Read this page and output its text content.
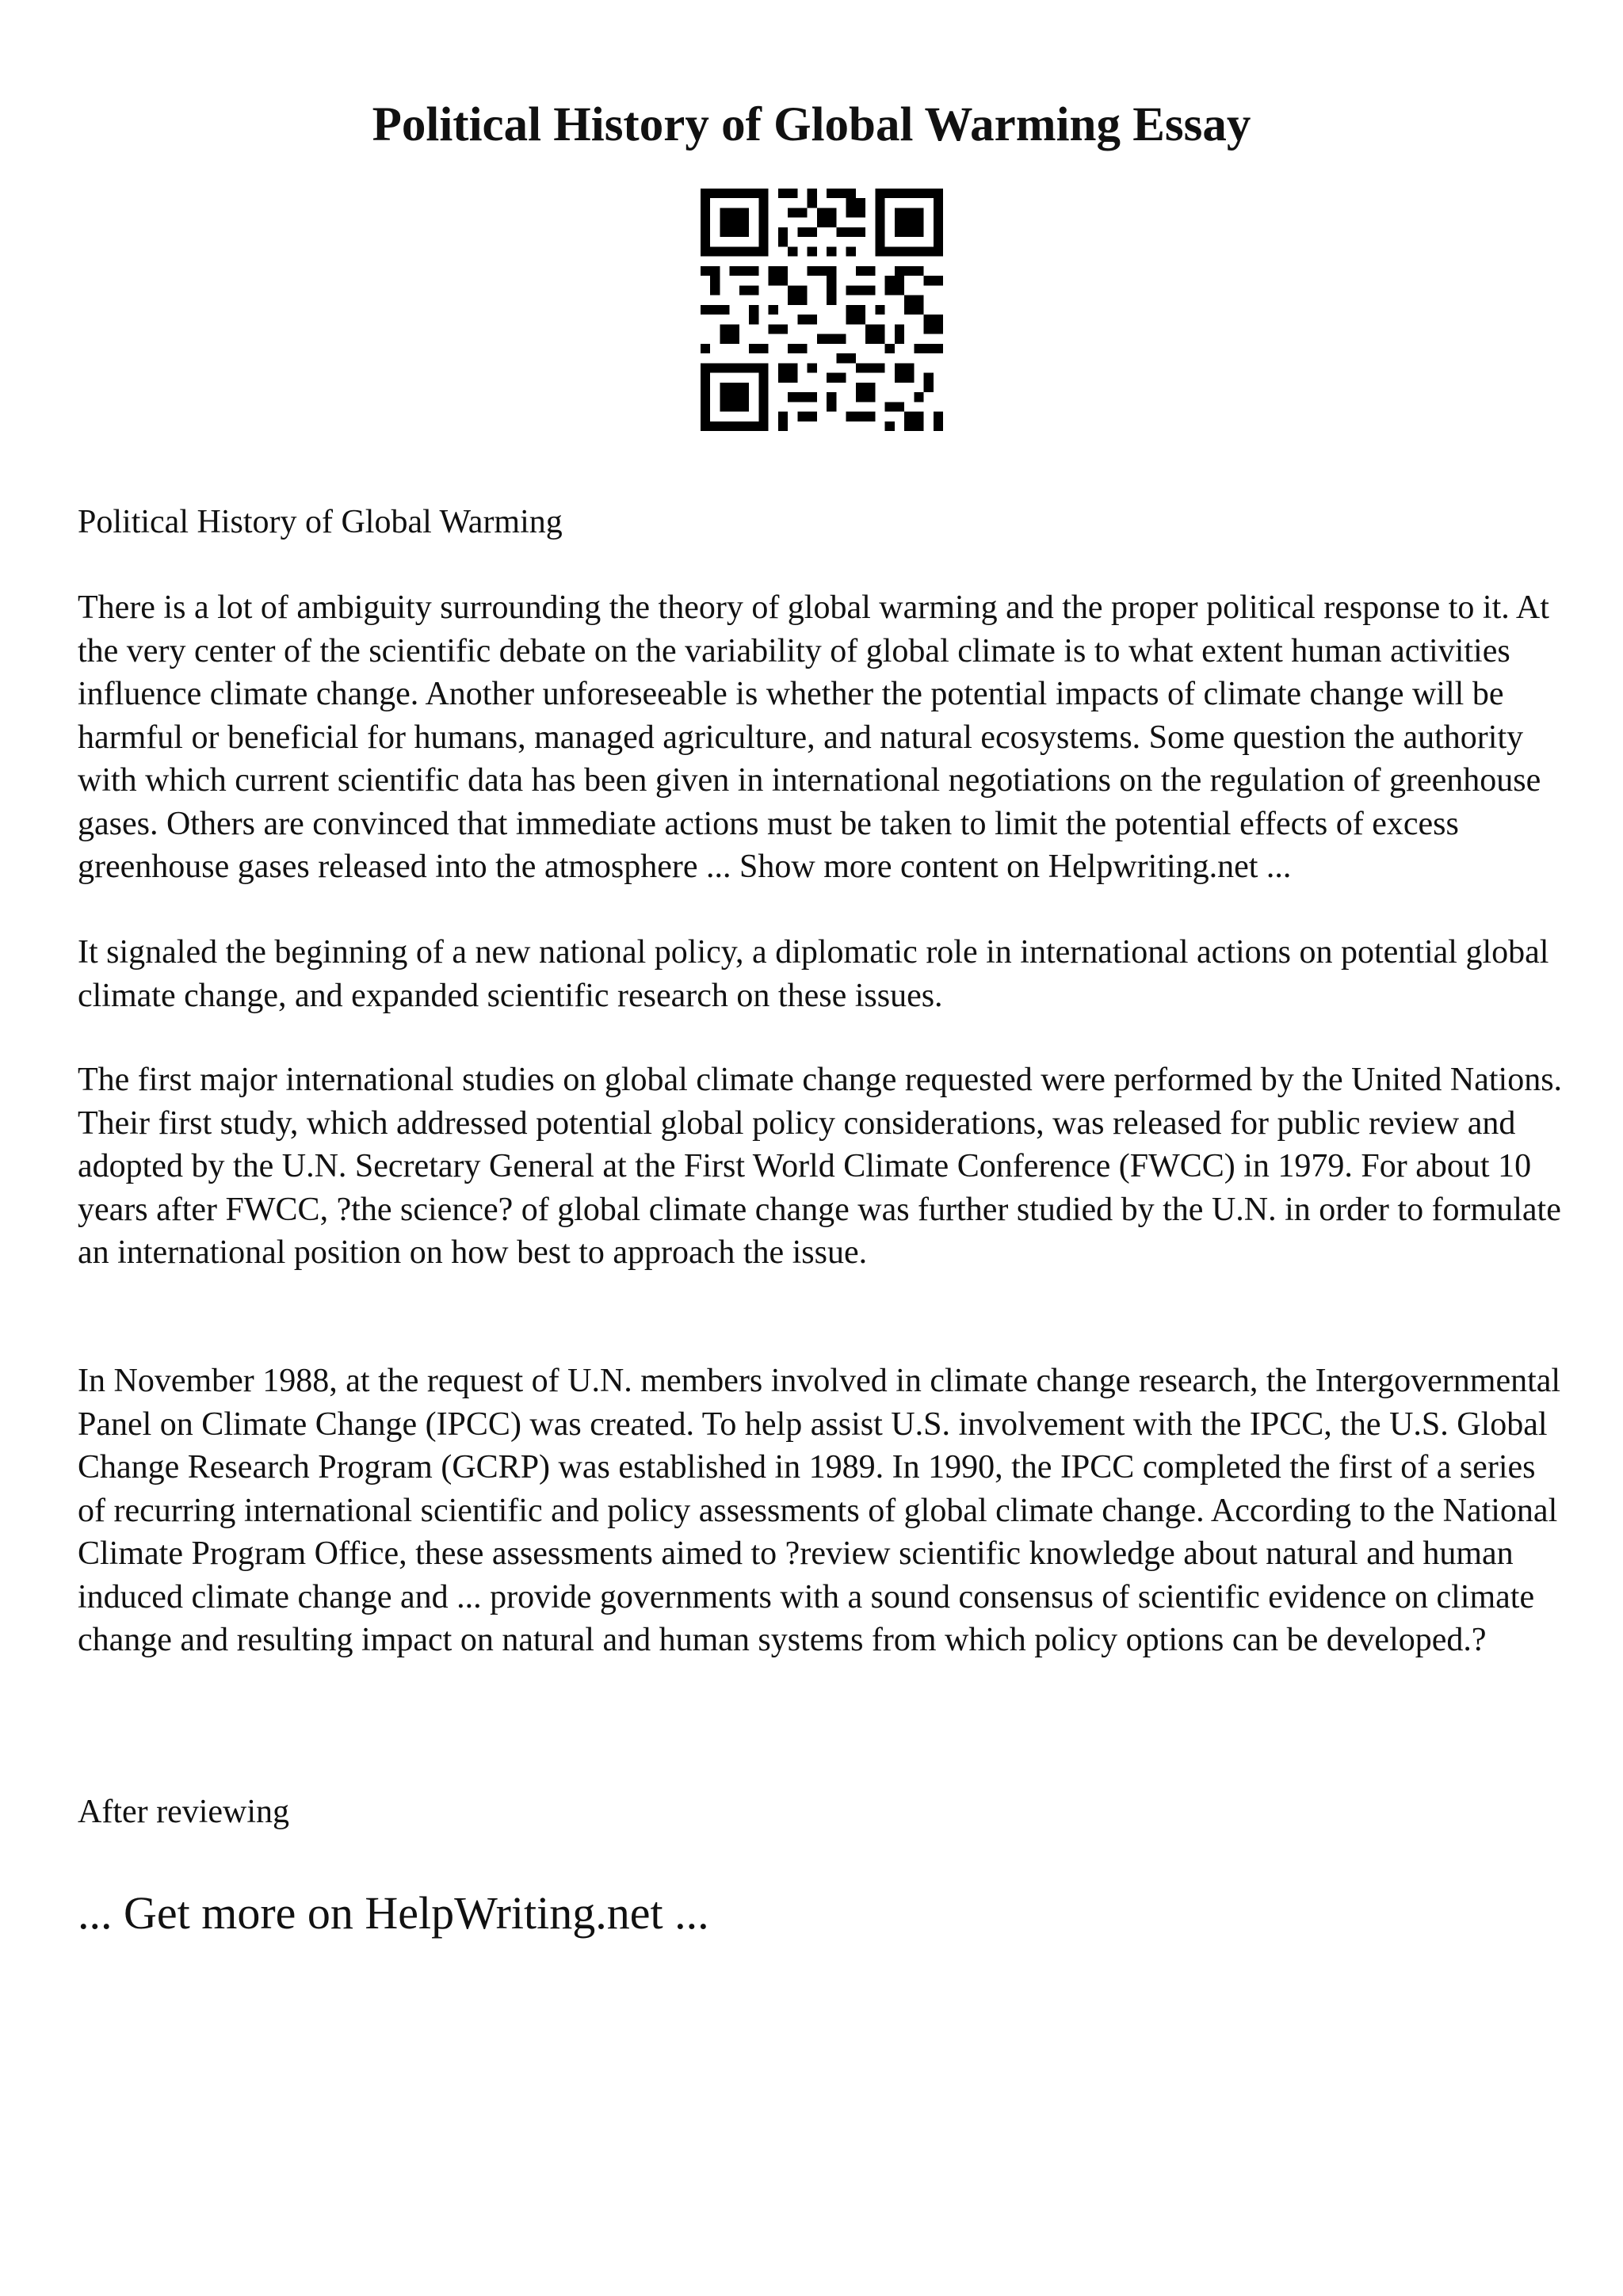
Political History of Global Warming Essay

Political History of Global Warming

There is a lot of ambiguity surrounding the theory of global warming and the proper political response to it. At the very center of the scientific debate on the variability of global climate is to what extent human activities influence climate change. Another unforeseeable is whether the potential impacts of climate change will be harmful or beneficial for humans, managed agriculture, and natural ecosystems. Some question the authority with which current scientific data has been given in international negotiations on the regulation of greenhouse gases. Others are convinced that immediate actions must be taken to limit the potential effects of excess greenhouse gases released into the atmosphere ... Show more content on Helpwriting.net ...

It signaled the beginning of a new national policy, a diplomatic role in international actions on potential global climate change, and expanded scientific research on these issues.

The first major international studies on global climate change requested were performed by the United Nations. Their first study, which addressed potential global policy considerations, was released for public review and adopted by the U.N. Secretary General at the First World Climate Conference (FWCC) in 1979. For about 10 years after FWCC, ?the science? of global climate change was further studied by the U.N. in order to formulate an international position on how best to approach the issue.

In November 1988, at the request of U.N. members involved in climate change research, the Intergovernmental Panel on Climate Change (IPCC) was created. To help assist U.S. involvement with the IPCC, the U.S. Global Change Research Program (GCRP) was established in 1989. In 1990, the IPCC completed the first of a series of recurring international scientific and policy assessments of global climate change. According to the National Climate Program Office, these assessments aimed to ?review scientific knowledge about natural and human induced climate change and ... provide governments with a sound consensus of scientific evidence on climate change and resulting impact on natural and human systems from which policy options can be developed.?

After reviewing

... Get more on HelpWriting.net ...
